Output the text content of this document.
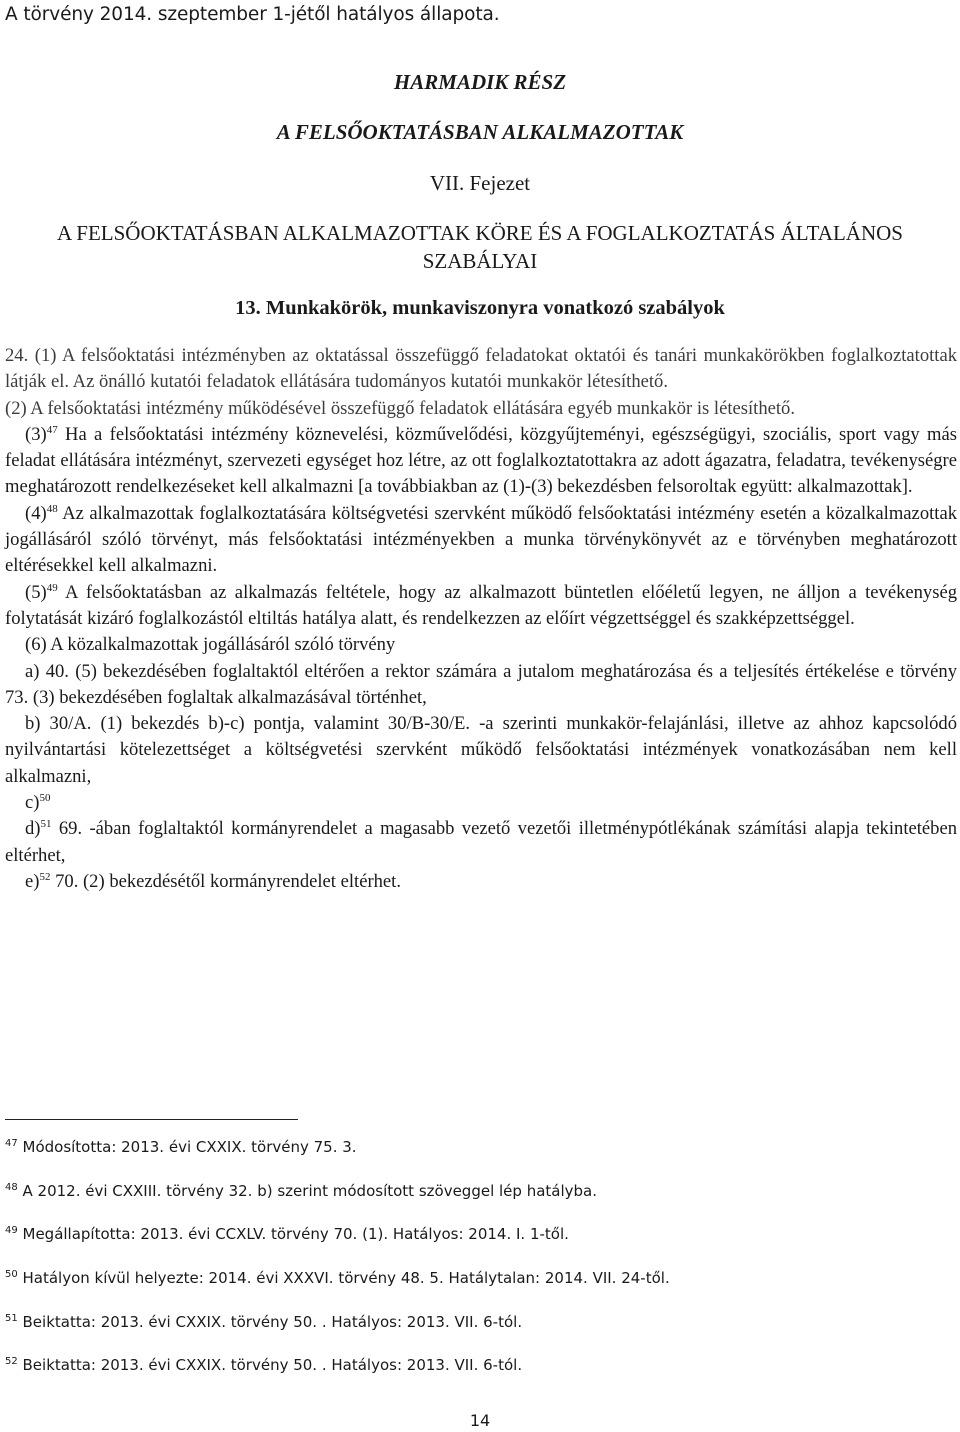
A törvény 2014. szeptember 1-jétől hatályos állapota.
HARMADIK RÉSZ
A FELSŐOKTATÁSBAN ALKALMAZOTTAK
VII. Fejezet
A FELSŐOKTATÁSBAN ALKALMAZOTTAK KÖRE ÉS A FOGLALKOZTATÁS ÁLTALÁNOS SZABÁLYAI
13. Munkakörök, munkaviszonyra vonatkozó szabályok

24. (1) A felsőoktatási intézményben az oktatással összefüggő feladatokat oktatói és tanári munkakörökben foglalkoztatottak látják el. Az önálló kutatói feladatok ellátására tudományos kutatói munkakör létesíthető.

(2) A felsőoktatási intézmény működésével összefüggő feladatok ellátására egyéb munkakör is létesíthető.

$(3)^{47}$ Ha a felsőoktatási intézmény köznevelési, közművelődési, közgyűjteményi, egészségügyi, szociális, sport vagy más feladat ellátására intézményt, szervezeti egységet hoz létre, az ott foglalkoztatottakra az adott ágazatra, feladatra, tevékenységre meghatározott rendelkezéseket kell alkalmazni [a továbbiakban az (1)-(3) bekezdésben felsoroltak együtt: alkalmazottak].

$(4)^{48}$ Az alkalmazottak foglalkoztatására költségvetési szervként működő felsőoktatási intézmény esetén a közalkalmazottak jogállásáról szóló törvényt, más felsőoktatási intézményekben a munka törvénykönyvét az e törvényben meghatározott eltérésekkel kell alkalmazni.

$(5)^{49}$ A felsőoktatásban az alkalmazás feltétele, hogy az alkalmazott büntetlen előéletű legyen, ne álljon a tevékenység folytatását kizáró foglalkozástól eltiltás hatálya alatt, és rendelkezzen az előírt végzettséggel és szakképzettséggel.

(6) A közalkalmazottak jogállásáról szóló törvény

a) 40. (5) bekezdésében foglaltaktól eltérően a rektor számára a jutalom meghatározása és a teljesítés értékelése e törvény 73. (3) bekezdésében foglaltak alkalmazásával történhet,

b) 30/A. (1) bekezdés b)-c) pontja, valamint 30/B-30/E. -a szerinti munkakör-felajánlási, illetve az ahhoz kapcsolódó nyilvántartási kötelezettséget a költségvetési szervként működő felsőoktatási intézmények vonatkozásában nem kell alkalmazni,

c)$^{50}$

d)$^{51}$ 69. -ában foglaltaktól kormányrendelet a magasabb vezető vezetői illetménypótlékának számítási alapja tekintetében eltérhet,

e)$^{52}$ 70. (2) bekezdésétől kormányrendelet eltérhet.

$^{47}$ Módosította: 2013. évi CXXIX. törvény 75. 3.
$^{48}$ A 2012. évi CXXIII. törvény 32. b) szerint módosított szöveggel lép hatályba.
$^{49}$ Megállapította: 2013. évi CCXLV. törvény 70. (1). Hatályos: 2014. I. 1-től.
$^{50}$ Hatályon kívül helyezte: 2014. évi XXXVI. törvény 48. 5. Hatálytalan: 2014. VII. 24-től.
$^{51}$ Beiktatta: 2013. évi CXXIX. törvény 50. . Hatályos: 2013. VII. 6-tól.
$^{52}$ Beiktatta: 2013. évi CXXIX. törvény 50. . Hatályos: 2013. VII. 6-tól.
14
